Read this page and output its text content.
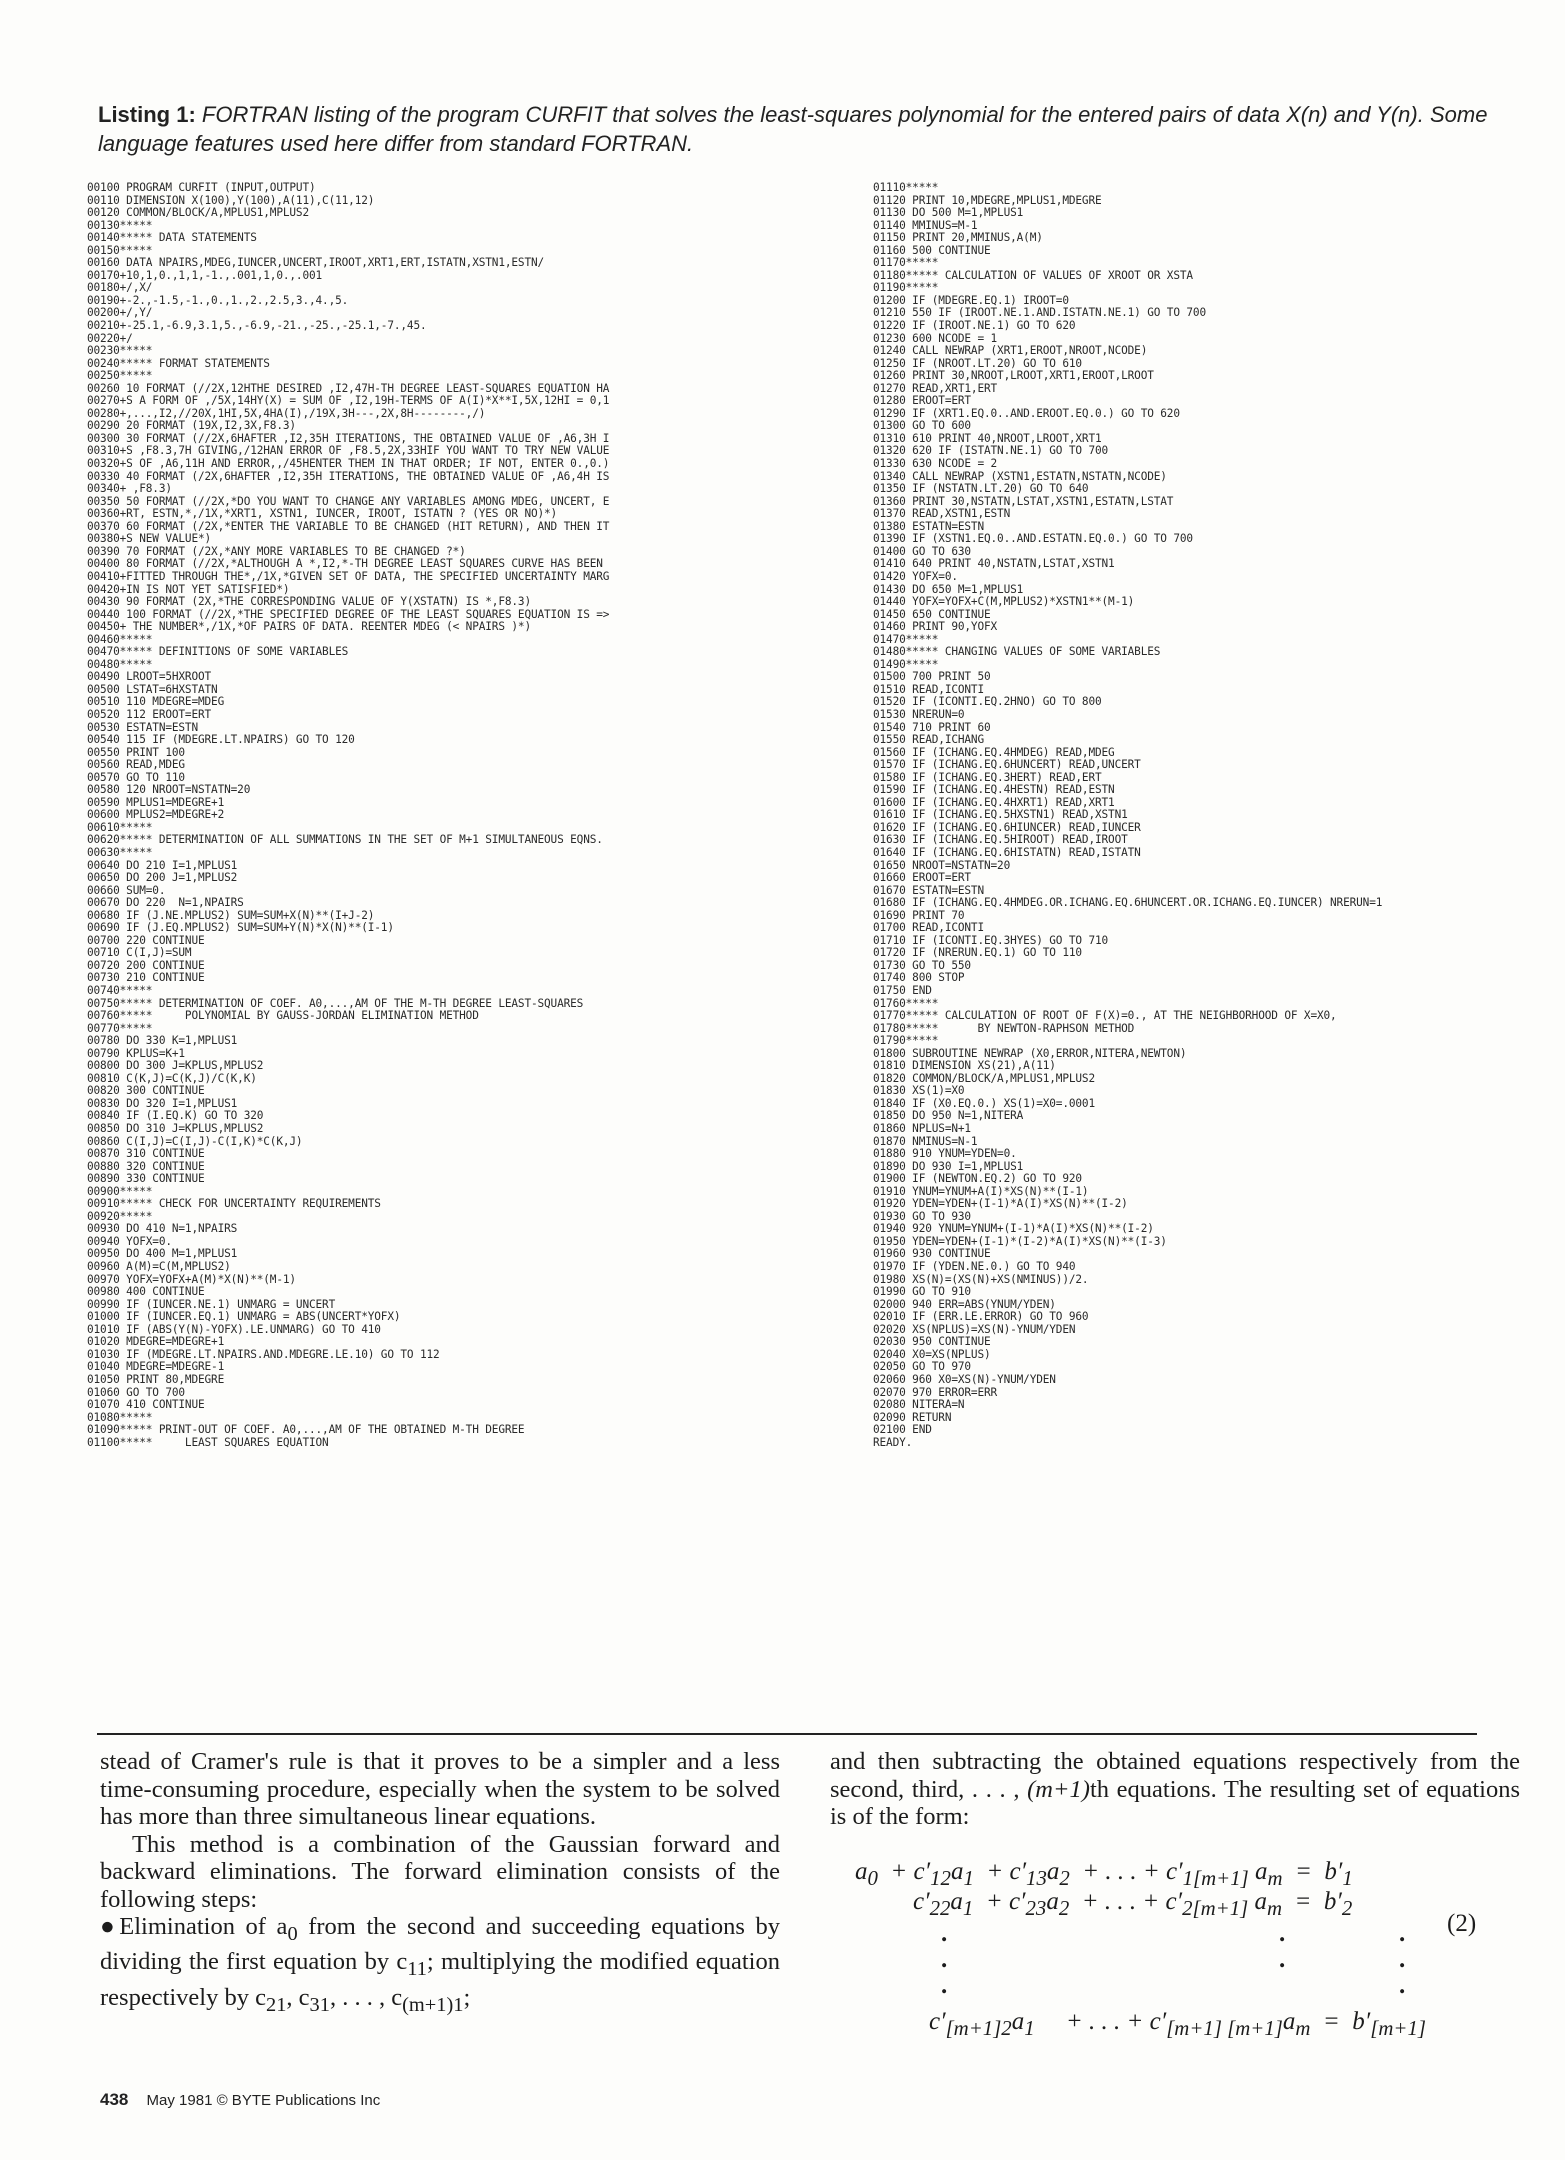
Listing 1: FORTRAN listing of the program CURFIT that solves the least-squares polynomial for the entered pairs of data X(n) and Y(n). Some language features used here differ from standard FORTRAN.
00100 PROGRAM CURFIT (INPUT,OUTPUT)
00110 DIMENSION X(100),Y(100),A(11),C(11,12)
00120 COMMON/BLOCK/A,MPLUS1,MPLUS2
00130*****
00140***** DATA STATEMENTS
00150*****
00160 DATA NPAIRS,MDEG,IUNCER,UNCERT,IROOT,XRT1,ERT,ISTATN,XSTN1,ESTN/
00170+10,1,0.,1,1,-1.,.001,1,0.,.001
00180+/,X/
00190+-2.,-1.5,-1.,0.,1.,2.,2.5,3.,4.,5.
00200+/,Y/
00210+-25.1,-6.9,3.1,5.,-6.9,-21.,-25.,-25.1,-7.,45.
00220+/
00230*****
00240***** FORMAT STATEMENTS
00250*****
00260 10 FORMAT (//2X,12HTHE DESIRED ,I2,47H-TH DEGREE LEAST-SQUARES EQUATION HA
00270+S A FORM OF ,/5X,14HY(X) = SUM OF ,I2,19H-TERMS OF A(I)*X**I,5X,12HI = 0,1
00280+,...,I2,//20X,1HI,5X,4HA(I),/19X,3H---,2X,8H--------,/)
00290 20 FORMAT (19X,I2,3X,F8.3)
00300 30 FORMAT (//2X,6HAFTER ,I2,35H ITERATIONS, THE OBTAINED VALUE OF ,A6,3H I
00310+S ,F8.3,7H GIVING,/12HAN ERROR OF ,F8.5,2X,33HIF YOU WANT TO TRY NEW VALUE
00320+S OF ,A6,11H AND ERROR,,/45HENTER THEM IN THAT ORDER; IF NOT, ENTER 0.,0.)
00330 40 FORMAT (/2X,6HAFTER ,I2,35H ITERATIONS, THE OBTAINED VALUE OF ,A6,4H IS
00340+ ,F8.3)
00350 50 FORMAT (//2X,*DO YOU WANT TO CHANGE ANY VARIABLES AMONG MDEG, UNCERT, E
00360+RT, ESTN,*,/1X,*XRT1, XSTN1, IUNCER, IROOT, ISTATN ? (YES OR NO)*)
00370 60 FORMAT (/2X,*ENTER THE VARIABLE TO BE CHANGED (HIT RETURN), AND THEN IT
00380+S NEW VALUE*)
00390 70 FORMAT (/2X,*ANY MORE VARIABLES TO BE CHANGED ?*)
00400 80 FORMAT (//2X,*ALTHOUGH A *,I2,*-TH DEGREE LEAST SQUARES CURVE HAS BEEN
00410+FITTED THROUGH THE*,/1X,*GIVEN SET OF DATA, THE SPECIFIED UNCERTAINTY MARG
00420+IN IS NOT YET SATISFIED*)
00430 90 FORMAT (2X,*THE CORRESPONDING VALUE OF Y(XSTATN) IS *,F8.3)
00440 100 FORMAT (//2X,*THE SPECIFIED DEGREE OF THE LEAST SQUARES EQUATION IS =>
00450+ THE NUMBER*,/1X,*OF PAIRS OF DATA. REENTER MDEG (< NPAIRS )*)
00460*****
00470***** DEFINITIONS OF SOME VARIABLES
00480*****
00490 LROOT=5HXROOT
00500 LSTAT=6HXSTATN
00510 110 MDEGRE=MDEG
00520 112 EROOT=ERT
00530 ESTATN=ESTN
00540 115 IF (MDEGRE.LT.NPAIRS) GO TO 120
00550 PRINT 100
00560 READ,MDEG
00570 GO TO 110
00580 120 NROOT=NSTATN=20
00590 MPLUS1=MDEGRE+1
00600 MPLUS2=MDEGRE+2
00610*****
00620***** DETERMINATION OF ALL SUMMATIONS IN THE SET OF M+1 SIMULTANEOUS EQNS.
00630*****
00640 DO 210 I=1,MPLUS1
00650 DO 200 J=1,MPLUS2
00660 SUM=0.
00670 DO 220  N=1,NPAIRS
00680 IF (J.NE.MPLUS2) SUM=SUM+X(N)**(I+J-2)
00690 IF (J.EQ.MPLUS2) SUM=SUM+Y(N)*X(N)**(I-1)
00700 220 CONTINUE
00710 C(I,J)=SUM
00720 200 CONTINUE
00730 210 CONTINUE
00740*****
00750***** DETERMINATION OF COEF. A0,...,AM OF THE M-TH DEGREE LEAST-SQUARES
00760*****     POLYNOMIAL BY GAUSS-JORDAN ELIMINATION METHOD
00770*****
00780 DO 330 K=1,MPLUS1
00790 KPLUS=K+1
00800 DO 300 J=KPLUS,MPLUS2
00810 C(K,J)=C(K,J)/C(K,K)
00820 300 CONTINUE
00830 DO 320 I=1,MPLUS1
00840 IF (I.EQ.K) GO TO 320
00850 DO 310 J=KPLUS,MPLUS2
00860 C(I,J)=C(I,J)-C(I,K)*C(K,J)
00870 310 CONTINUE
00880 320 CONTINUE
00890 330 CONTINUE
00900*****
00910***** CHECK FOR UNCERTAINTY REQUIREMENTS
00920*****
00930 DO 410 N=1,NPAIRS
00940 YOFX=0.
00950 DO 400 M=1,MPLUS1
00960 A(M)=C(M,MPLUS2)
00970 YOFX=YOFX+A(M)*X(N)**(M-1)
00980 400 CONTINUE
00990 IF (IUNCER.NE.1) UNMARG = UNCERT
01000 IF (IUNCER.EQ.1) UNMARG = ABS(UNCERT*YOFX)
01010 IF (ABS(Y(N)-YOFX).LE.UNMARG) GO TO 410
01020 MDEGRE=MDEGRE+1
01030 IF (MDEGRE.LT.NPAIRS.AND.MDEGRE.LE.10) GO TO 112
01040 MDEGRE=MDEGRE-1
01050 PRINT 80,MDEGRE
01060 GO TO 700
01070 410 CONTINUE
01080*****
01090***** PRINT-OUT OF COEF. A0,...,AM OF THE OBTAINED M-TH DEGREE
01100*****     LEAST SQUARES EQUATION
01110*****
01120 PRINT 10,MDEGRE,MPLUS1,MDEGRE
01130 DO 500 M=1,MPLUS1
01140 MMINUS=M-1
01150 PRINT 20,MMINUS,A(M)
01160 500 CONTINUE
01170*****
01180***** CALCULATION OF VALUES OF XROOT OR XSTA
01190*****
01200 IF (MDEGRE.EQ.1) IROOT=0
01210 550 IF (IROOT.NE.1.AND.ISTATN.NE.1) GO TO 700
01220 IF (IROOT.NE.1) GO TO 620
01230 600 NCODE = 1
01240 CALL NEWRAP (XRT1,EROOT,NROOT,NCODE)
01250 IF (NROOT.LT.20) GO TO 610
01260 PRINT 30,NROOT,LROOT,XRT1,EROOT,LROOT
01270 READ,XRT1,ERT
01280 EROOT=ERT
01290 IF (XRT1.EQ.0..AND.EROOT.EQ.0.) GO TO 620
01300 GO TO 600
01310 610 PRINT 40,NROOT,LROOT,XRT1
01320 620 IF (ISTATN.NE.1) GO TO 700
01330 630 NCODE = 2
01340 CALL NEWRAP (XSTN1,ESTATN,NSTATN,NCODE)
01350 IF (NSTATN.LT.20) GO TO 640
01360 PRINT 30,NSTATN,LSTAT,XSTN1,ESTATN,LSTAT
01370 READ,XSTN1,ESTN
01380 ESTATN=ESTN
01390 IF (XSTN1.EQ.0..AND.ESTATN.EQ.0.) GO TO 700
01400 GO TO 630
01410 640 PRINT 40,NSTATN,LSTAT,XSTN1
01420 YOFX=0.
01430 DO 650 M=1,MPLUS1
01440 YOFX=YOFX+C(M,MPLUS2)*XSTN1**(M-1)
01450 650 CONTINUE
01460 PRINT 90,YOFX
01470*****
01480***** CHANGING VALUES OF SOME VARIABLES
01490*****
01500 700 PRINT 50
01510 READ,ICONTI
01520 IF (ICONTI.EQ.2HNO) GO TO 800
01530 NRERUN=0
01540 710 PRINT 60
01550 READ,ICHANG
01560 IF (ICHANG.EQ.4HMDEG) READ,MDEG
01570 IF (ICHANG.EQ.6HUNCERT) READ,UNCERT
01580 IF (ICHANG.EQ.3HERT) READ,ERT
01590 IF (ICHANG.EQ.4HESTN) READ,ESTN
01600 IF (ICHANG.EQ.4HXRT1) READ,XRT1
01610 IF (ICHANG.EQ.5HXSTN1) READ,XSTN1
01620 IF (ICHANG.EQ.6HIUNCER) READ,IUNCER
01630 IF (ICHANG.EQ.5HIROOT) READ,IROOT
01640 IF (ICHANG.EQ.6HISTATN) READ,ISTATN
01650 NROOT=NSTATN=20
01660 EROOT=ERT
01670 ESTATN=ESTN
01680 IF (ICHANG.EQ.4HMDEG.OR.ICHANG.EQ.6HUNCERT.OR.ICHANG.EQ.IUNCER) NRERUN=1
01690 PRINT 70
01700 READ,ICONTI
01710 IF (ICONTI.EQ.3HYES) GO TO 710
01720 IF (NRERUN.EQ.1) GO TO 110
01730 GO TO 550
01740 800 STOP
01750 END
01760*****
01770***** CALCULATION OF ROOT OF F(X)=0., AT THE NEIGHBORHOOD OF X=X0,
01780*****      BY NEWTON-RAPHSON METHOD
01790*****
01800 SUBROUTINE NEWRAP (X0,ERROR,NITERA,NEWTON)
01810 DIMENSION XS(21),A(11)
01820 COMMON/BLOCK/A,MPLUS1,MPLUS2
01830 XS(1)=X0
01840 IF (X0.EQ.0.) XS(1)=X0=.0001
01850 DO 950 N=1,NITERA
01860 NPLUS=N+1
01870 NMINUS=N-1
01880 910 YNUM=YDEN=0.
01890 DO 930 I=1,MPLUS1
01900 IF (NEWTON.EQ.2) GO TO 920
01910 YNUM=YNUM+A(I)*XS(N)**(I-1)
01920 YDEN=YDEN+(I-1)*A(I)*XS(N)**(I-2)
01930 GO TO 930
01940 920 YNUM=YNUM+(I-1)*A(I)*XS(N)**(I-2)
01950 YDEN=YDEN+(I-1)*(I-2)*A(I)*XS(N)**(I-3)
01960 930 CONTINUE
01970 IF (YDEN.NE.0.) GO TO 940
01980 XS(N)=(XS(N)+XS(NMINUS))/2.
01990 GO TO 910
02000 940 ERR=ABS(YNUM/YDEN)
02010 IF (ERR.LE.ERROR) GO TO 960
02020 XS(NPLUS)=XS(N)-YNUM/YDEN
02030 950 CONTINUE
02040 X0=XS(NPLUS)
02050 GO TO 970
02060 960 X0=XS(N)-YNUM/YDEN
02070 970 ERROR=ERR
02080 NITERA=N
02090 RETURN
02100 END
READY.

stead of Cramer's rule is that it proves to be a simpler and a less time-consuming procedure, especially when the system to be solved has more than three simultaneous linear equations.

This method is a combination of the Gaussian forward and backward eliminations. The forward elimination consists of the following steps:

●Elimination of $a_0$ from the second and succeeding equations by dividing the first equation by $c_{11}$; multiplying the modified equation respectively by $c_{21}$, $c_{31}$, . . . , $c_{(m+1)1}$;

and then subtracting the obtained equations respectively from the second, third, . . . , (m+1)th equations. The resulting set of equations is of the form:

$a_0 + c'_{12}a_1 + c'_{13}a_2$  + . . . + $c'_{1[m+1]}$ $a_m = b'_1$
$c'_{22}a_1 + c'_{23}a_2$  + . . . + $c'_{2[m+1]}$ $a_m = b'_2$
.
.
.
.
.
.
.
.
(2)
$c'_{[m+1]2}a_1$     + . . . + $c'_{[m+1] [m+1]}a_m = b'_{[m+1]}$
438 May 1981 © BYTE Publications Inc
